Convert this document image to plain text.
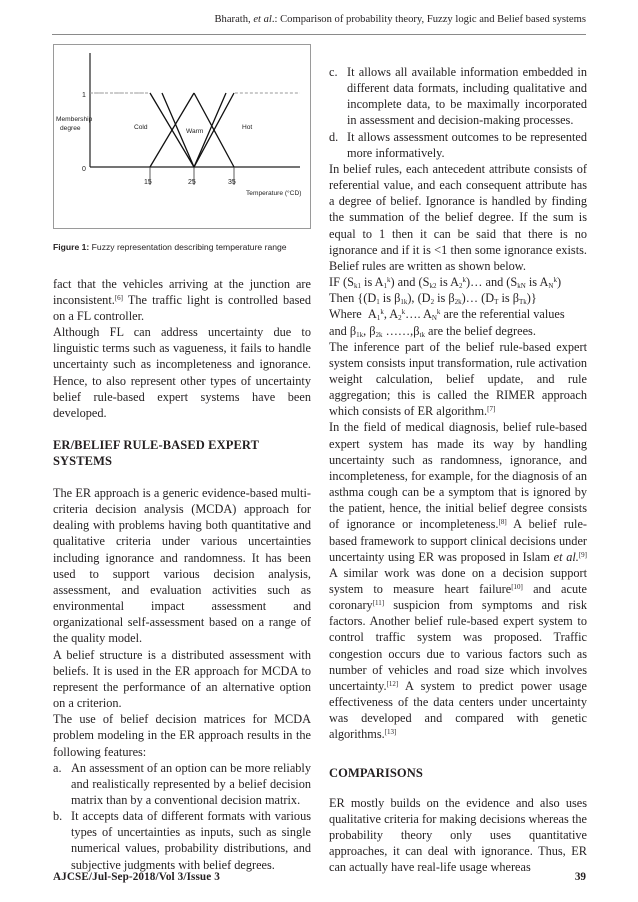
Bharath, et al.: Comparison of probability theory, Fuzzy logic and Belief based systems
1
0
Membership
degree	Cold
Warm
Hot
15	25	35
Temperature (°CD)
Figure 1: Fuzzy representation describing temperature range

fact that the vehicles arriving at the junction are inconsistent.[6] The traffic light is controlled based on a FL controller.

Although FL can address uncertainty due to linguistic terms such as vagueness, it fails to handle uncertainty such as incompleteness and ignorance. Hence, to also represent other types of uncertainty belief rule-based expert systems have been developed.

ER/BELIEF RULE-BASED EXPERT SYSTEMS

The ER approach is a generic evidence-based multi-criteria decision analysis (MCDA) approach for dealing with problems having both quantitative and qualitative criteria under various uncertainties including ignorance and randomness. It has been used to support various decision analysis, assessment, and evaluation activities such as environmental impact assessment and organizational self-assessment based on a range of the quality model.

A belief structure is a distributed assessment with beliefs. It is used in the ER approach for MCDA to represent the performance of an alternative option on a criterion.

The use of belief decision matrices for MCDA problem modeling in the ER approach results in the following features:

a. An assessment of an option can be more reliably and realistically represented by a belief decision matrix than by a conventional decision matrix.
b. It accepts data of different formats with various types of uncertainties as inputs, such as single numerical values, probability distributions, and subjective judgments with belief degrees.
c. It allows all available information embedded in different data formats, including qualitative and incomplete data, to be maximally incorporated in assessment and decision-making processes.
d. It allows assessment outcomes to be represented more informatively.

In belief rules, each antecedent attribute consists of referential value, and each consequent attribute has a degree of belief. Ignorance is handled by finding the summation of the belief degree. If the sum is equal to 1 then it can be said that there is no ignorance and if it is <1 then some ignorance exists. Belief rules are written as shown below.

IF ($S_{k1}$ is $A_1^k$) and ($S_{k2}$ is $A_2^k)\dots$ and ($S_{kN}$ is $A_N^k$)

Then {($D_1$ is $\beta_{1k}$), ($D_2$ is $\beta_{2k})\dots$ ($D_T$ is $\beta_{Tk}$)}

Where  $A_1^k$, $A_2^k\dots$. $A_N^k$ are the referential values

and $\beta_{1k}$, $\beta_{2k}$ $\dots\dots,\beta_{tk}$ are the belief degrees.

The inference part of the belief rule-based expert system consists input transformation, rule activation weight calculation, belief update, and rule aggregation; this is called the RIMER approach which consists of ER algorithm.[7]

In the field of medical diagnosis, belief rule-based expert system has made its way by handling uncertainty such as randomness, ignorance, and incompleteness, for example, for the diagnosis of an asthma cough can be a symptom that is ignored by the patient, hence, the initial belief degree consists of ignorance or incompleteness.[8] A belief rule-based framework to support clinical decisions under uncertainty using ER was proposed in Islam et al.[9] A similar work was done on a decision support system to measure heart failure[10] and acute coronary[11] suspicion from symptoms and risk factors. Another belief rule-based expert system to control traffic system was proposed. Traffic congestion occurs due to various factors such as number of vehicles and road size which involves uncertainty.[12] A system to predict power usage effectiveness of the data centers under uncertainty was developed and compared with genetic algorithms.[13]

COMPARISONS

ER mostly builds on the evidence and also uses qualitative criteria for making decisions whereas the probability theory only uses quantitative approaches, it can deal with ignorance. Thus, ER can actually have real-life usage whereas

AJCSE/Jul-Sep-2018/Vol 3/Issue 3	39
